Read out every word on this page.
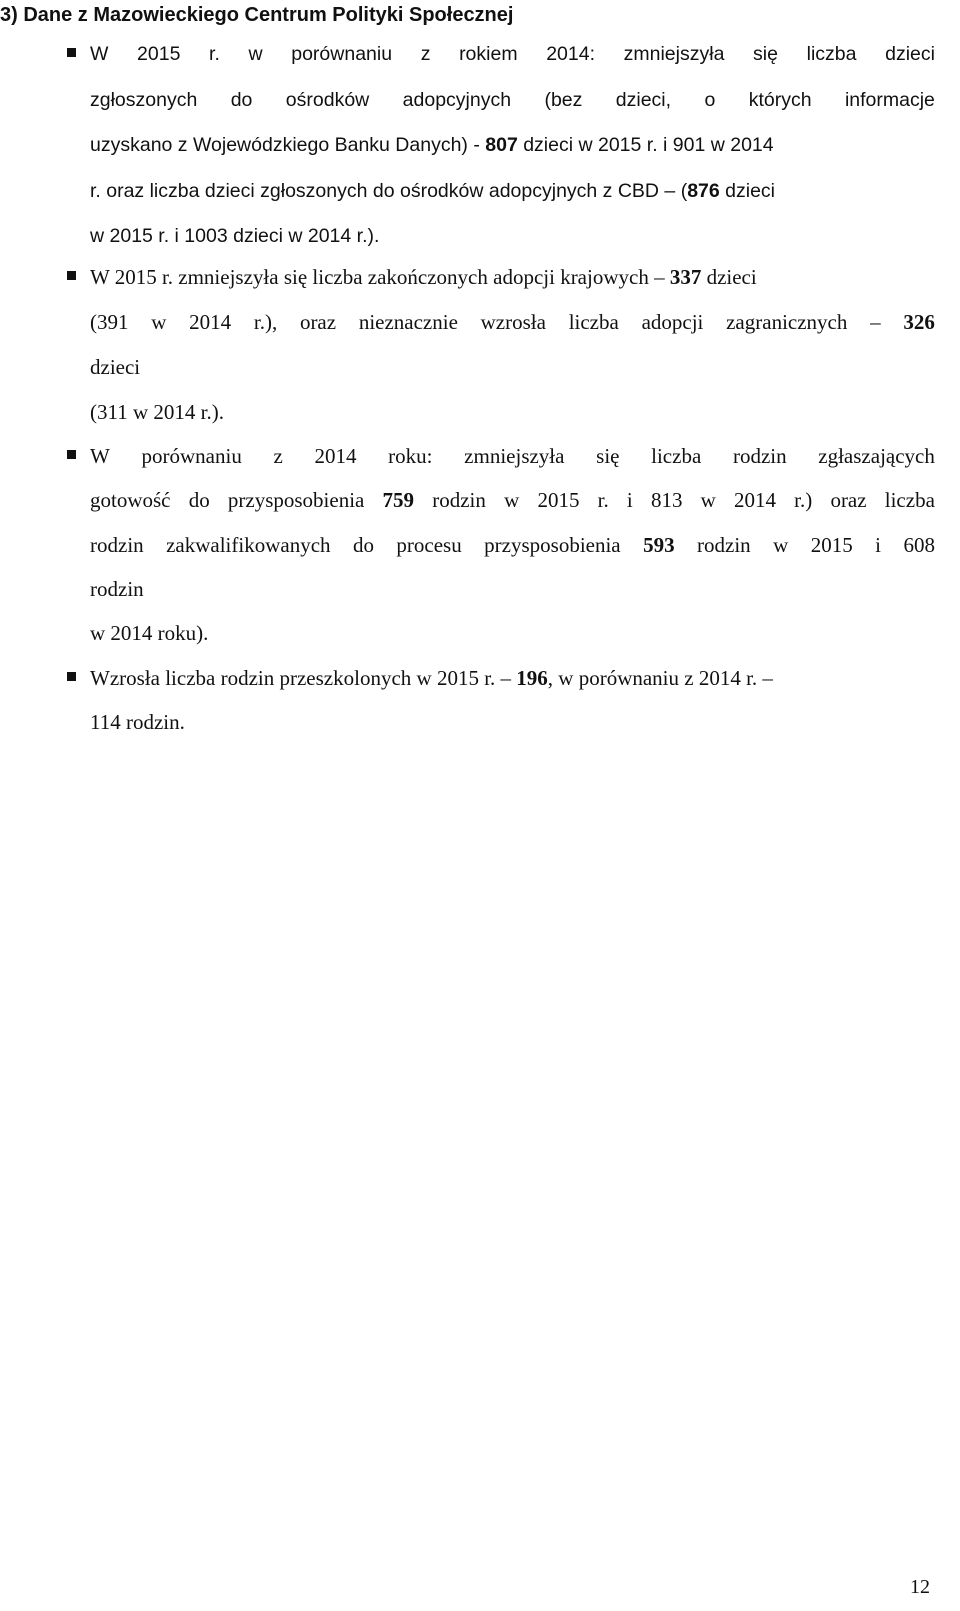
3) Dane z Mazowieckiego Centrum Polityki Społecznej
W 2015 r. w porównaniu z rokiem 2014: zmniejszyła się liczba dzieci
zgłoszonych do ośrodków adopcyjnych (bez dzieci, o których informacje
uzyskano z Wojewódzkiego Banku Danych) - 807 dzieci w 2015 r. i 901 w 2014
r. oraz liczba dzieci zgłoszonych do ośrodków adopcyjnych z CBD – (876 dzieci
w 2015 r. i 1003 dzieci w 2014 r.).
W 2015 r. zmniejszyła się liczba zakończonych adopcji krajowych – 337 dzieci
(391 w 2014 r.), oraz nieznacznie wzrosła liczba adopcji zagranicznych – 326
dzieci
(311 w 2014 r.).
W porównaniu z 2014 roku: zmniejszyła się liczba rodzin zgłaszających
gotowość do przysposobienia 759 rodzin w 2015 r. i 813 w 2014 r.) oraz liczba
rodzin zakwalifikowanych do procesu przysposobienia 593 rodzin w 2015 i 608
rodzin
w 2014 roku).
Wzrosła liczba rodzin przeszkolonych w 2015 r. – 196, w porównaniu z 2014 r. –
114 rodzin.
12
